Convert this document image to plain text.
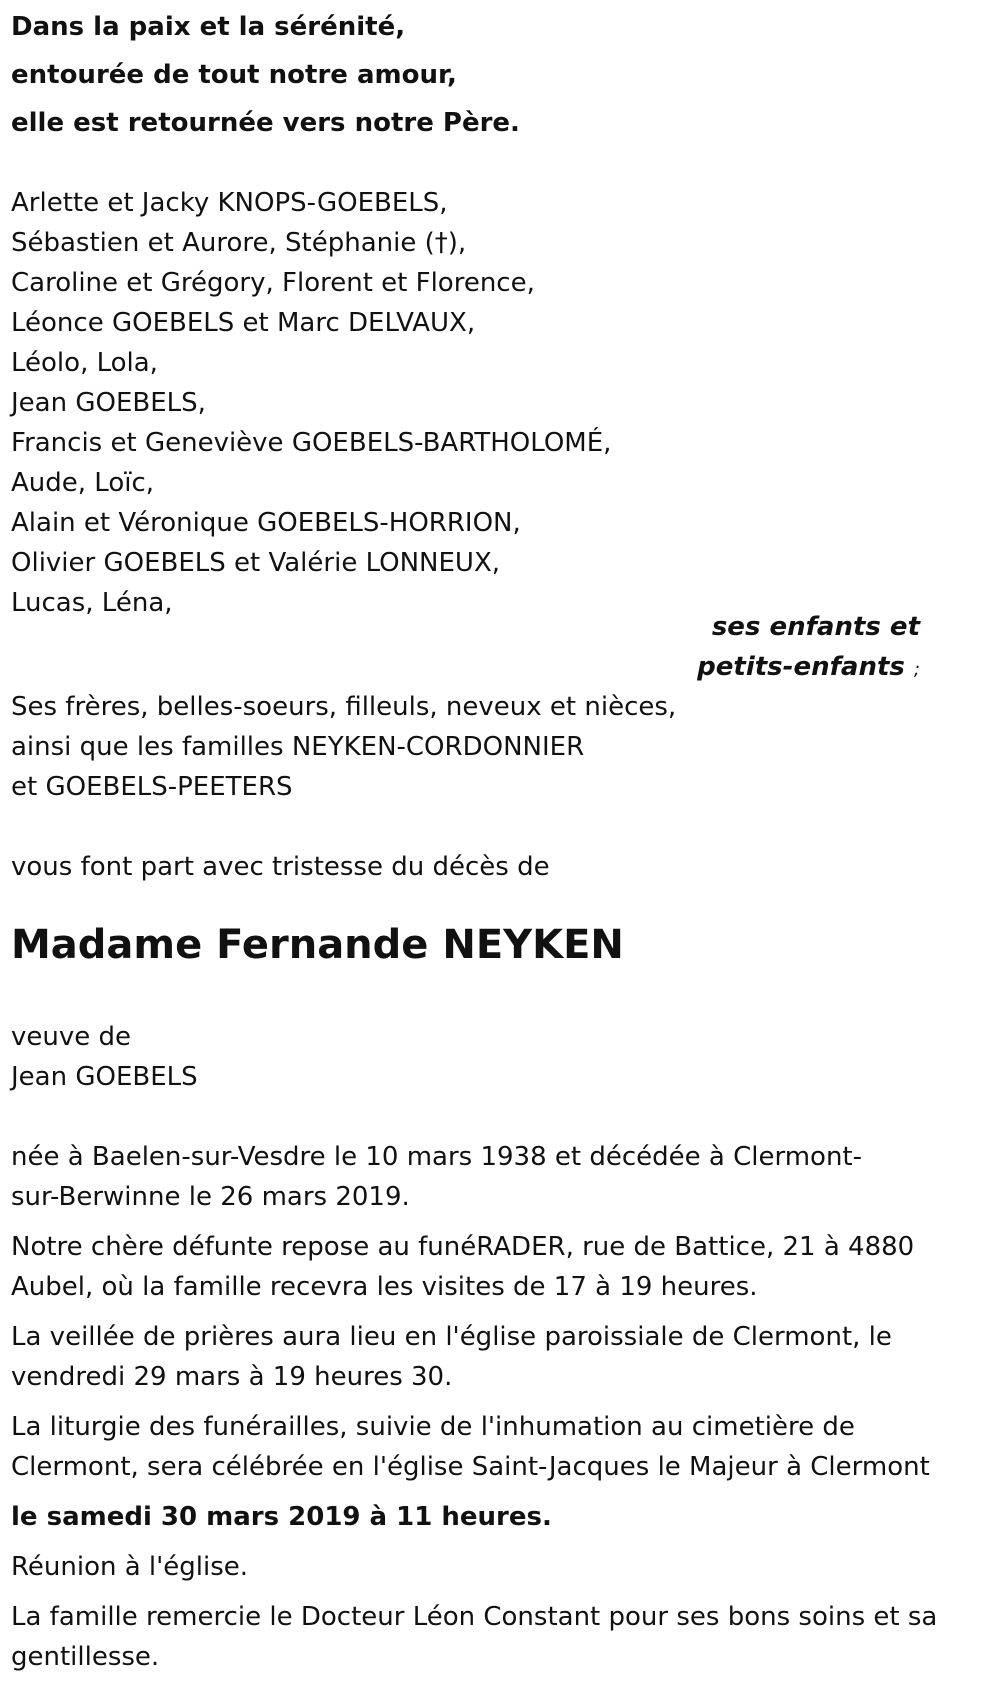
Dans la paix et la sérénité,
entourée de tout notre amour,
elle est retournée vers notre Père.
Arlette et Jacky KNOPS-GOEBELS,
Sébastien et Aurore, Stéphanie (†),
Caroline et Grégory, Florent et Florence,
Léonce GOEBELS et Marc DELVAUX,
Léolo, Lola,
Jean GOEBELS,
Francis et Geneviève GOEBELS-BARTHOLOMÉ,
Aude, Loïc,
Alain et Véronique GOEBELS-HORRION,
Olivier GOEBELS et Valérie LONNEUX,
Lucas, Léna,
ses enfants et
petits-enfants ;
Ses frères, belles-soeurs, filleuls, neveux et nièces,
ainsi que les familles NEYKEN-CORDONNIER
et GOEBELS-PEETERS
vous font part avec tristesse du décès de
Madame Fernande NEYKEN
veuve de
Jean GOEBELS
née à Baelen-sur-Vesdre le 10 mars 1938 et décédée à Clermont-
sur-Berwinne le 26 mars 2019.
Notre chère défunte repose au funéRADER, rue de Battice, 21 à 4880
Aubel, où la famille recevra les visites de 17 à 19 heures.
La veillée de prières aura lieu en l'église paroissiale de Clermont, le
vendredi 29 mars à 19 heures 30.
La liturgie des funérailles, suivie de l'inhumation au cimetière de
Clermont, sera célébrée en l'église Saint-Jacques le Majeur à Clermont
le samedi 30 mars 2019 à 11 heures.
Réunion à l'église.
La famille remercie le Docteur Léon Constant pour ses bons soins et sa
gentillesse.
